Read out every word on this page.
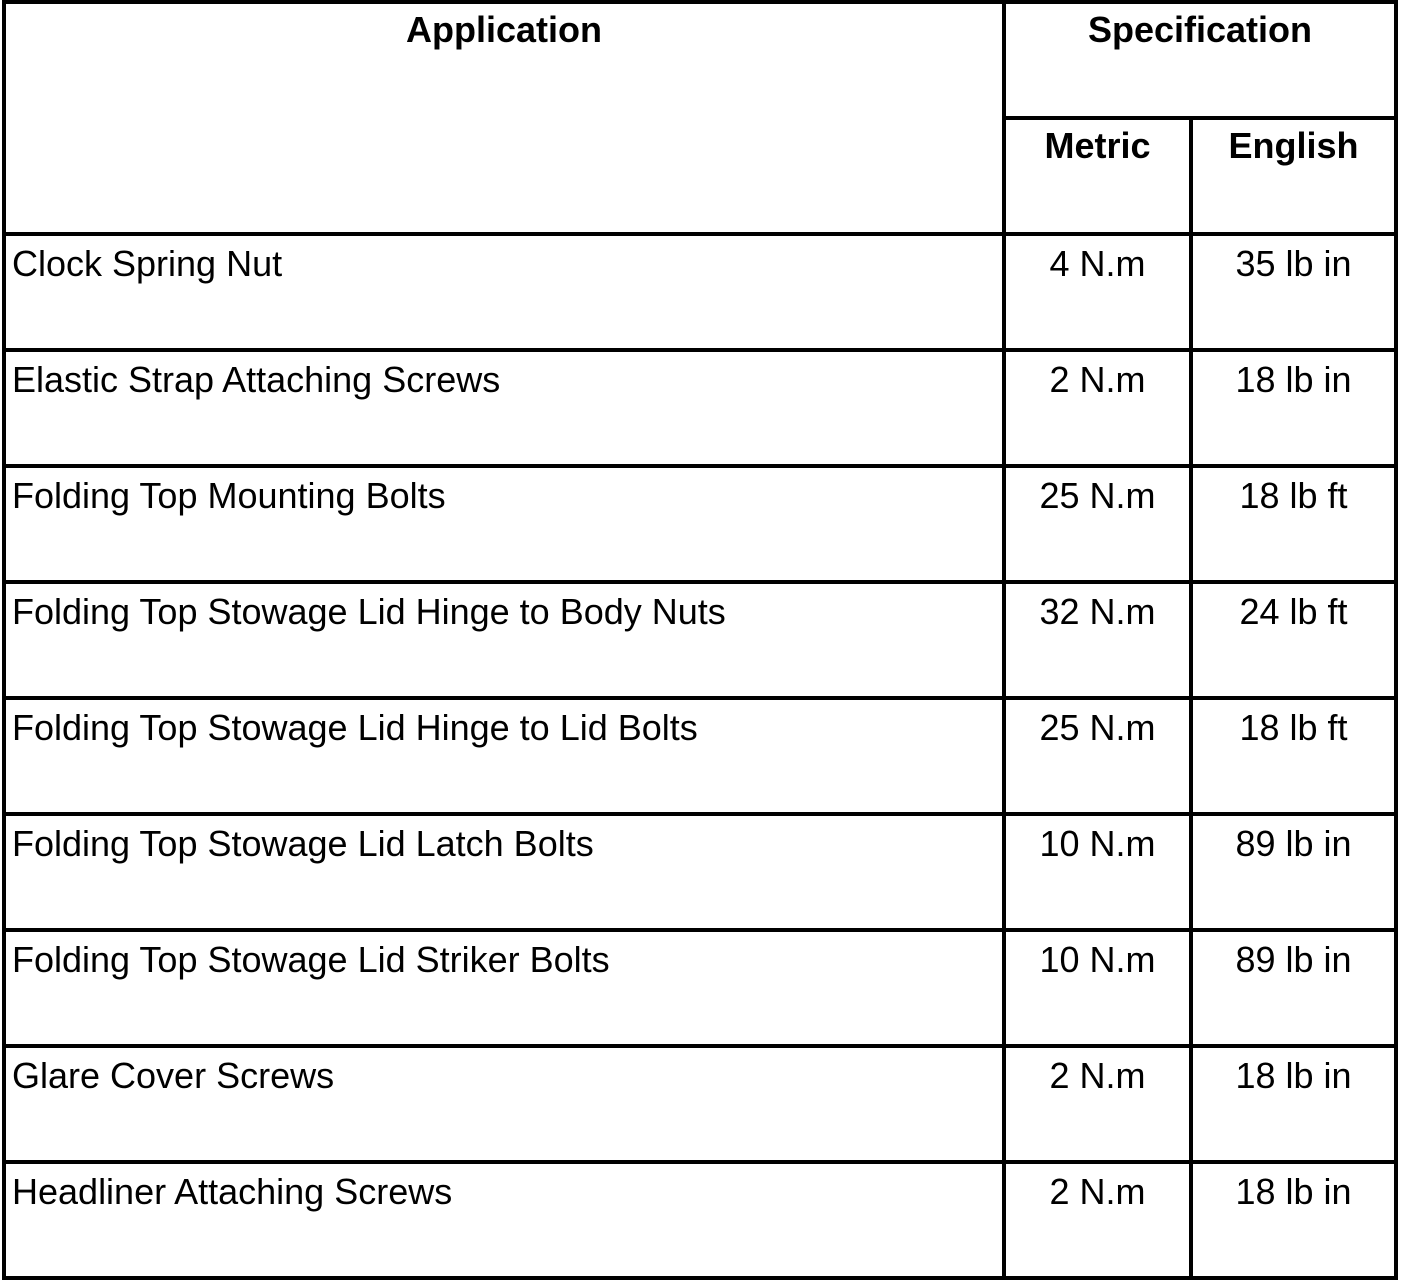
Application	Specification	
	Metric	English
Clock Spring Nut	4 N.m	35 lb in
Elastic Strap Attaching Screws	2 N.m	18 lb in
Folding Top Mounting Bolts	25 N.m	18 lb ft
Folding Top Stowage Lid Hinge to Body Nuts	32 N.m	24 lb ft
Folding Top Stowage Lid Hinge to Lid Bolts	25 N.m	18 lb ft
Folding Top Stowage Lid Latch Bolts	10 N.m	89 lb in
Folding Top Stowage Lid Striker Bolts	10 N.m	89 lb in
Glare Cover Screws	2 N.m	18 lb in
Headliner Attaching Screws	2 N.m	18 lb in
